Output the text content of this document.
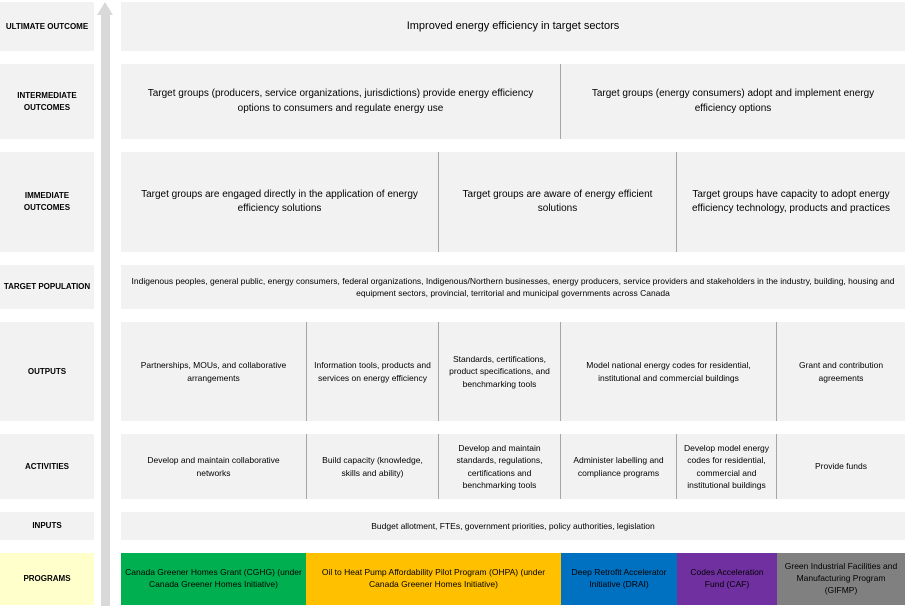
ULTIMATE OUTCOME
INTERMEDIATE OUTCOMES
IMMEDIATE OUTCOMES
TARGET POPULATION
OUTPUTS
ACTIVITIES
INPUTS
PROGRAMS
Improved energy efficiency in target sectors
Target groups (producers, service organizations, jurisdictions) provide energy efficiency options to consumers and regulate energy use
Target groups (energy consumers) adopt and implement energy efficiency options
Target groups are engaged directly in the application of energy efficiency solutions
Target groups are aware of energy efficient solutions
Target groups have capacity to adopt energy efficiency technology, products and practices
Indigenous peoples, general public, energy consumers, federal organizations, Indigenous/Northern businesses, energy producers, service providers and stakeholders in the industry, building, housing and equipment sectors, provincial, territorial and municipal governments across Canada
Partnerships, MOUs, and collaborative arrangements
Information tools, products and services on energy efficiency
Standards, certifications, product specifications, and benchmarking tools
Model national energy codes for residential, institutional and commercial buildings
Grant and contribution agreements
Develop and maintain collaborative networks
Build capacity (knowledge, skills and ability)
Develop and maintain standards, regulations, certifications and benchmarking tools
Administer labelling and compliance programs
Develop model energy codes for residential, commercial and institutional buildings
Provide funds
Budget allotment, FTEs, government priorities, policy authorities, legislation
Canada Greener Homes Grant (CGHG) (under Canada Greener Homes Initiative)
Oil to Heat Pump Affordability Pilot Program (OHPA) (under Canada Greener Homes Initiative)
Deep Retrofit Accelerator Initiative (DRAI)
Codes Acceleration Fund (CAF)
Green Industrial Facilities and Manufacturing Program (GIFMP)
